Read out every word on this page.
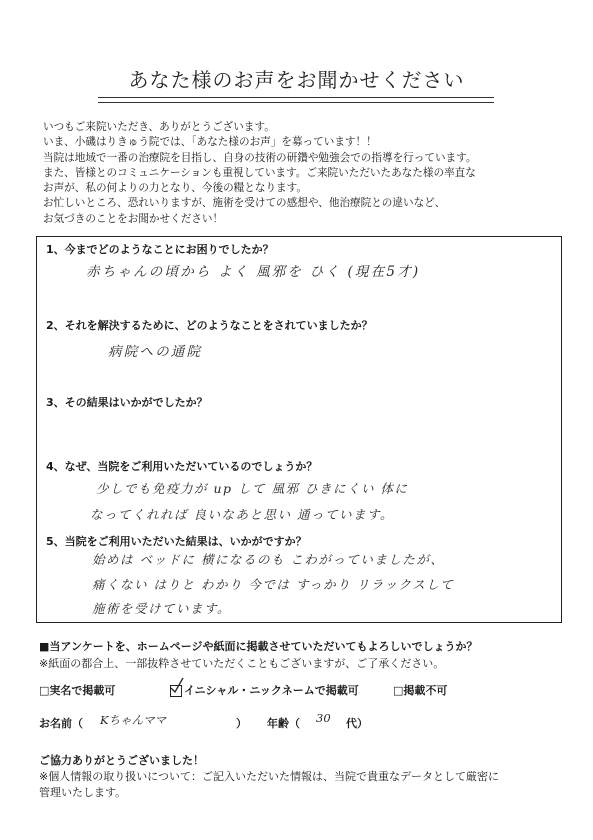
あなた様のお声をお聞かせください
いつもご来院いただき、ありがとうございます。
いま、小磯はりきゅう院では、「あなた様のお声」を募っています！！
当院は地域で一番の治療院を目指し、自身の技術の研鑽や勉強会での指導を行っています。
また、皆様とのコミュニケーションも重視しています。ご来院いただいたあなた様の率直な
お声が、私の何よりの力となり、今後の糧となります。
お忙しいところ、恐れいりますが、施術を受けての感想や、他治療院との違いなど、
お気づきのことをお聞かせください！
1、今までどのようなことにお困りでしたか？
赤ちゃんの頃から よく 風邪を ひく (現在5才)
2、それを解決するために、どのようなことをされていましたか？
病院への通院
3、その結果はいかがでしたか？
4、なぜ、当院をご利用いただいているのでしょうか？
少しでも免疫力が up して 風邪 ひきにくい 体に
なってくれれば 良いなあと思い 通っています。
5、当院をご利用いただいた結果は、いかがですか？
始めは ベッドに 横になるのも こわがっていましたが、
痛くない はりと わかり 今では すっかり リラックスして
施術を受けています。
■当アンケートを、ホームページや紙面に掲載させていただいてもよろしいでしょうか？
※紙面の都合上、一部抜粋させていただくこともございますが、ご了承ください。
□実名で掲載可	イニシャル・ニックネームで掲載可	□掲載不可
お名前（ Kちゃんママ	） 年齢（ 30 代）
ご協力ありがとうございました！
※個人情報の取り扱いについて：ご記入いただいた情報は、当院で貴重なデータとして厳密に
管理いたします。
